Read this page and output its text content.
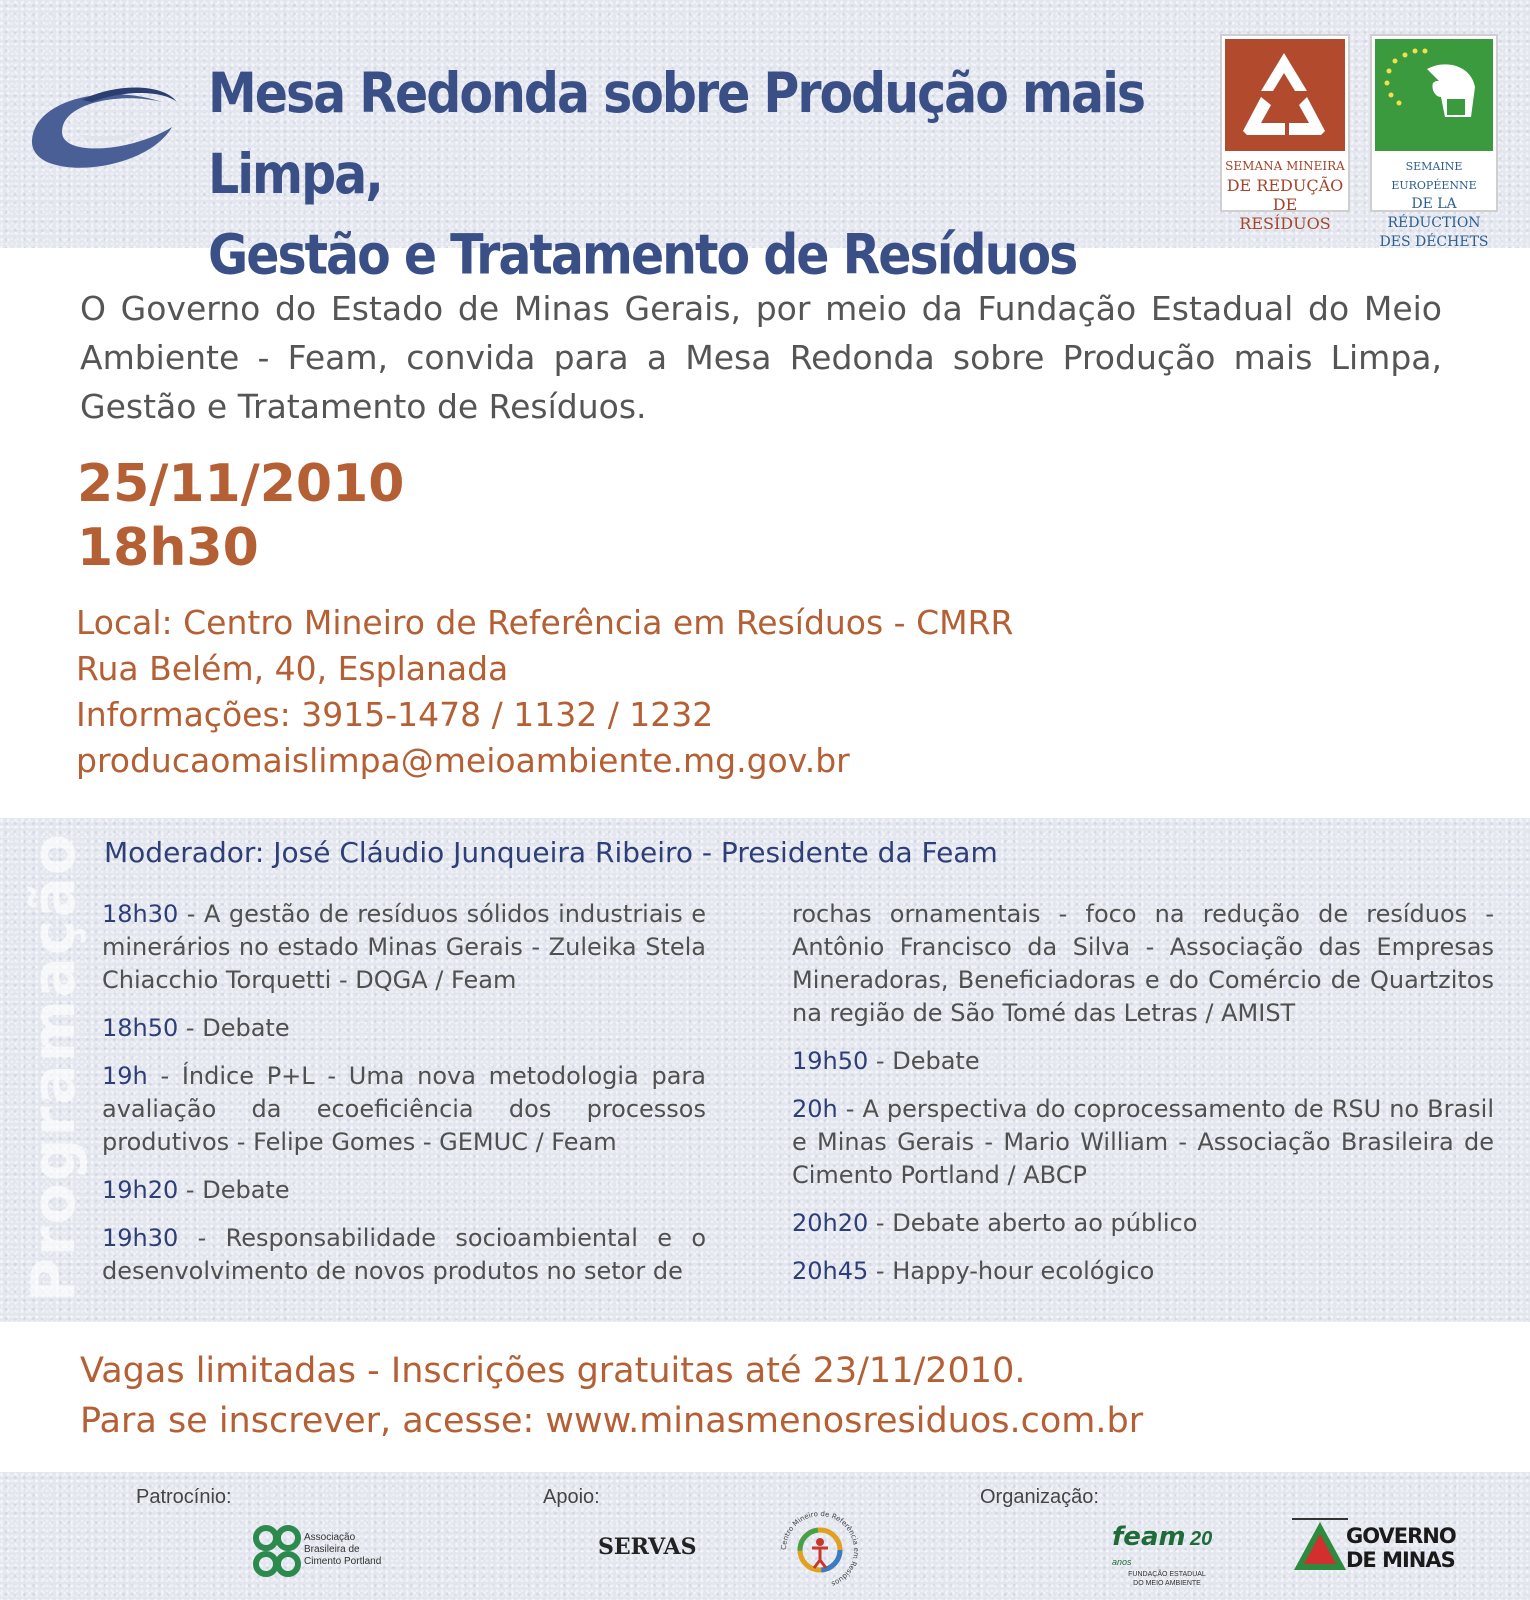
Mesa Redonda sobre Produção mais Limpa,
Gestão e Tratamento de Resíduos
SEMANA MINEIRA
DE REDUÇÃO
DE RESÍDUOS
SEMAINE EUROPÉENNE
DE LA RÉDUCTION
DES DÉCHETS

O Governo do Estado de Minas Gerais, por meio da Fundação Estadual do Meio Ambiente - Feam, convida para a Mesa Redonda sobre Produção mais Limpa, Gestão e Tratamento de Resíduos.

25/11/2010
18h30
Local: Centro Mineiro de Referência em Resíduos - CMRR
Rua Belém, 40, Esplanada
Informações: 3915-1478 / 1132 / 1232
producaomaislimpa@meioambiente.mg.gov.br
Programação Moderador: José Cláudio Junqueira Ribeiro - Presidente da Feam

18h30 - A gestão de resíduos sólidos industriais e minerários no estado Minas Gerais - Zuleika Stela Chiacchio Torquetti - DQGA / Feam

18h50 - Debate

19h - Índice P+L - Uma nova metodologia para avaliação da ecoeficiência dos processos produtivos - Felipe Gomes - GEMUC / Feam

19h20 - Debate

19h30 - Responsabilidade socioambiental e o desenvolvimento de novos produtos no setor de

rochas ornamentais - foco na redução de resíduos - Antônio Francisco da Silva - Associação das Empresas Mineradoras, Beneficiadoras e do Comércio de Quartzitos na região de São Tomé das Letras / AMIST

19h50 - Debate

20h - A perspectiva do coprocessamento de RSU no Brasil e Minas Gerais - Mario William - Associação Brasileira de Cimento Portland / ABCP

20h20 - Debate aberto ao público

20h45 - Happy-hour ecológico

Vagas limitadas - Inscrições gratuitas até 23/11/2010.
Para se inscrever, acesse: www.minasmenosresiduos.com.br
Patrocínio:	Apoio:	Organização:
Associação
Brasileira de
Cimento Portland
SERVAS	Centro Mineiro de Referência em Resíduos
feam 20 anos
FUNDAÇÃO ESTADUAL
DO MEIO AMBIENTE
GOVERNO
DE MINAS
